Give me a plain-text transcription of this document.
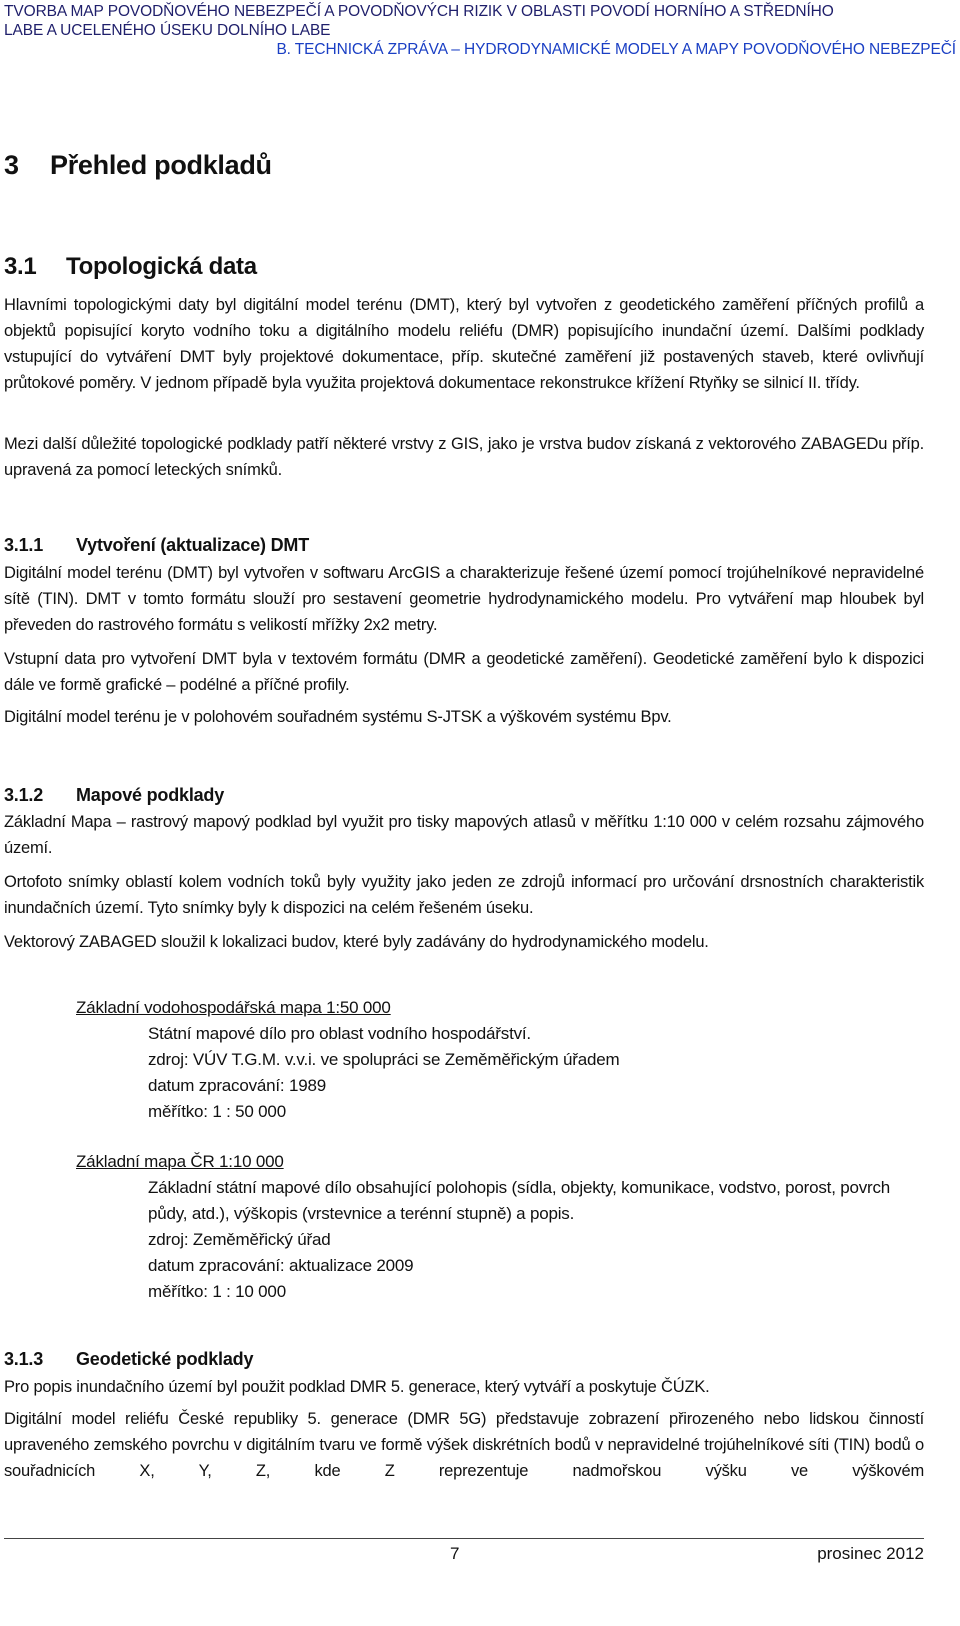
TVORBA MAP POVODŇOVÉHO NEBEZPEČÍ A POVODŇOVÝCH RIZIK V OBLASTI POVODÍ HORNÍHO A STŘEDNÍHO
LABE A UCELENÉHO ÚSEKU DOLNÍHO LABE
B. TECHNICKÁ ZPRÁVA – HYDRODYNAMICKÉ MODELY A MAPY POVODŇOVÉHO NEBEZPEČÍ
3 Přehled podkladů
3.1 Topologická data

Hlavními topologickými daty byl digitální model terénu (DMT), který byl vytvořen z geodetického zaměření příčných profilů a objektů popisující koryto vodního toku a digitálního modelu reliéfu (DMR) popisujícího inundační území. Dalšími podklady vstupující do vytváření DMT byly projektové dokumentace, příp. skutečné zaměření již postavených staveb, které ovlivňují průtokové poměry. V jednom případě byla využita projektová dokumentace rekonstrukce křížení Rtyňky se silnicí II. třídy.

Mezi další důležité topologické podklady patří některé vrstvy z GIS, jako je vrstva budov získaná z vektorového ZABAGEDu příp. upravená za pomocí leteckých snímků.

3.1.1 Vytvoření (aktualizace) DMT

Digitální model terénu (DMT) byl vytvořen v softwaru ArcGIS a charakterizuje řešené území pomocí trojúhelníkové nepravidelné sítě (TIN). DMT v tomto formátu slouží pro sestavení geometrie hydrodynamického modelu. Pro vytváření map hloubek byl převeden do rastrového formátu s velikostí mřížky 2x2 metry.

Vstupní data pro vytvoření DMT byla v textovém formátu (DMR a geodetické zaměření). Geodetické zaměření bylo k dispozici dále ve formě grafické – podélné a příčné profily.

Digitální model terénu je v polohovém souřadném systému S-JTSK a výškovém systému Bpv.

3.1.2 Mapové podklady

Základní Mapa – rastrový mapový podklad byl využit pro tisky mapových atlasů v měřítku 1:10 000 v celém rozsahu zájmového území.

Ortofoto snímky oblastí kolem vodních toků byly využity jako jeden ze zdrojů informací pro určování drsnostních charakteristik inundačních území. Tyto snímky byly k dispozici na celém řešeném úseku.

Vektorový ZABAGED sloužil k lokalizaci budov, které byly zadávány do hydrodynamického modelu.

Základní vodohospodářská mapa 1:50 000
Státní mapové dílo pro oblast vodního hospodářství.
zdroj: VÚV T.G.M. v.v.i. ve spolupráci se Zeměměřickým úřadem
datum zpracování: 1989
měřítko: 1 : 50 000
Základní mapa ČR 1:10 000
Základní státní mapové dílo obsahující polohopis (sídla, objekty, komunikace, vodstvo, porost, povrch půdy, atd.), výškopis (vrstevnice a terénní stupně) a popis.
zdroj: Zeměměřický úřad
datum zpracování: aktualizace 2009
měřítko: 1 : 10 000
3.1.3 Geodetické podklady

Pro popis inundačního území byl použit podklad DMR 5. generace, který vytváří a poskytuje ČÚZK.

Digitální model reliéfu České republiky 5. generace (DMR 5G) představuje zobrazení přirozeného nebo lidskou činností upraveného zemského povrchu v digitálním tvaru ve formě výšek diskrétních bodů v nepravidelné trojúhelníkové síti (TIN) bodů o souřadnicích X, Y, Z, kde Z reprezentuje nadmořskou výšku ve výškovém

7	prosinec 2012
